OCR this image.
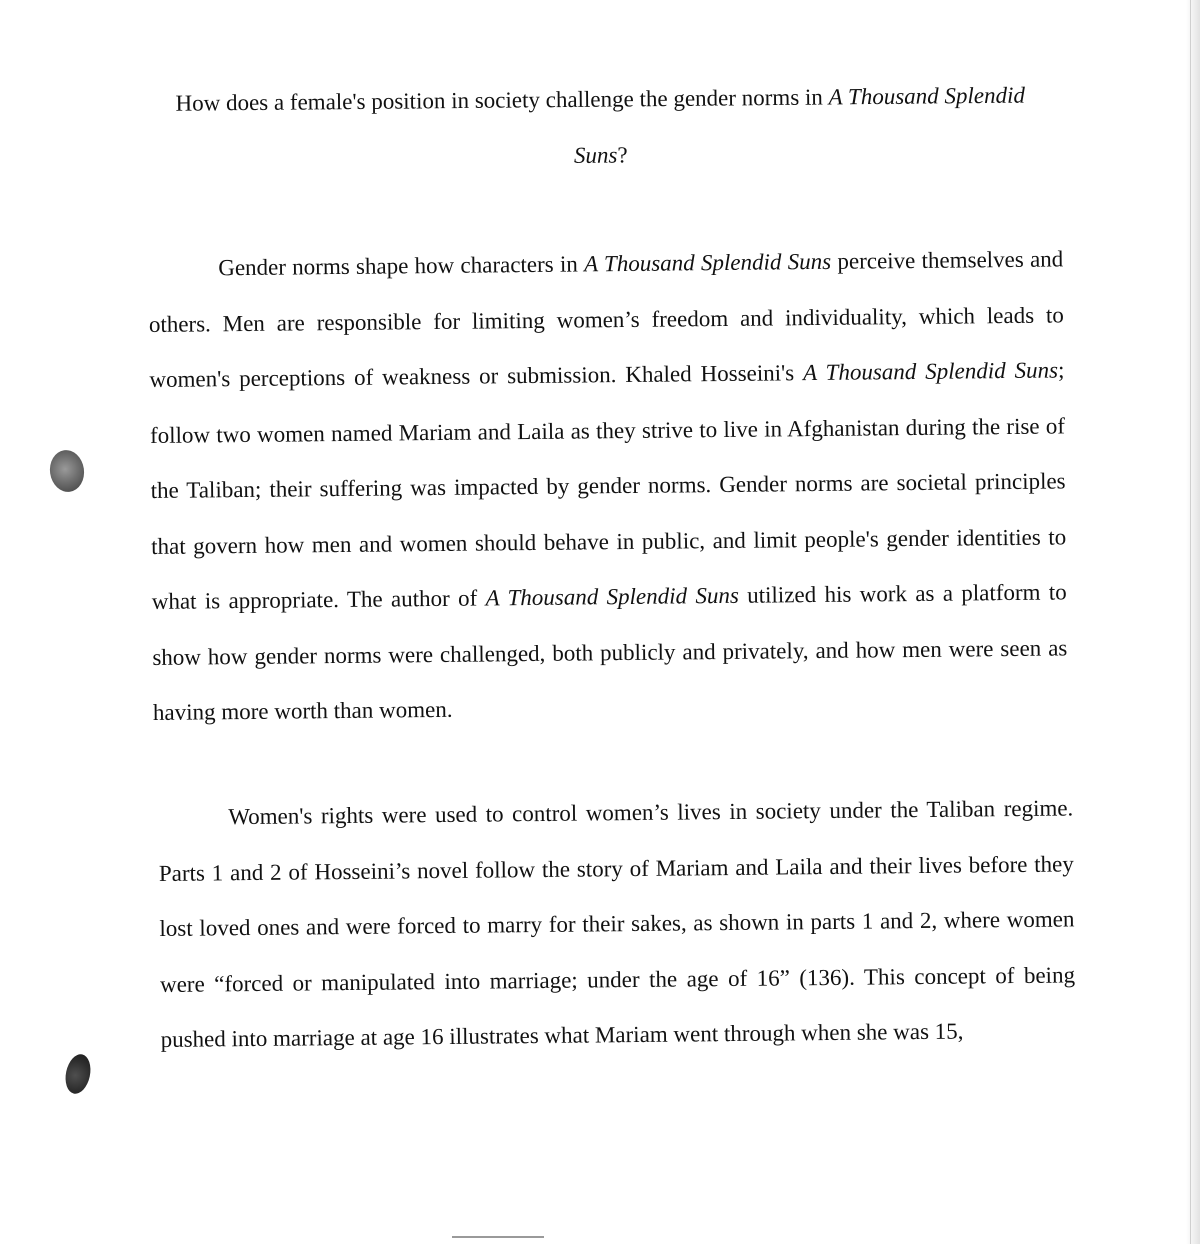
How does a female's position in society challenge the gender norms in A Thousand Splendid Suns?

Gender norms shape how characters in A Thousand Splendid Suns perceive themselves and others. Men are responsible for limiting women’s freedom and individuality, which leads to women's perceptions of weakness or submission. Khaled Hosseini's A Thousand Splendid Suns; follow two women named Mariam and Laila as they strive to live in Afghanistan during the rise of the Taliban; their suffering was impacted by gender norms. Gender norms are societal principles that govern how men and women should behave in public, and limit people's gender identities to what is appropriate. The author of A Thousand Splendid Suns utilized his work as a platform to show how gender norms were challenged, both publicly and privately, and how men were seen as having more worth than women.

Women's rights were used to control women’s lives in society under the Taliban regime. Parts 1 and 2 of Hosseini’s novel follow the story of Mariam and Laila and their lives before they lost loved ones and were forced to marry for their sakes, as shown in parts 1 and 2, where women were “forced or manipulated into marriage; under the age of 16” (136). This concept of being pushed into marriage at age 16 illustrates what Mariam went through when she was 15,
